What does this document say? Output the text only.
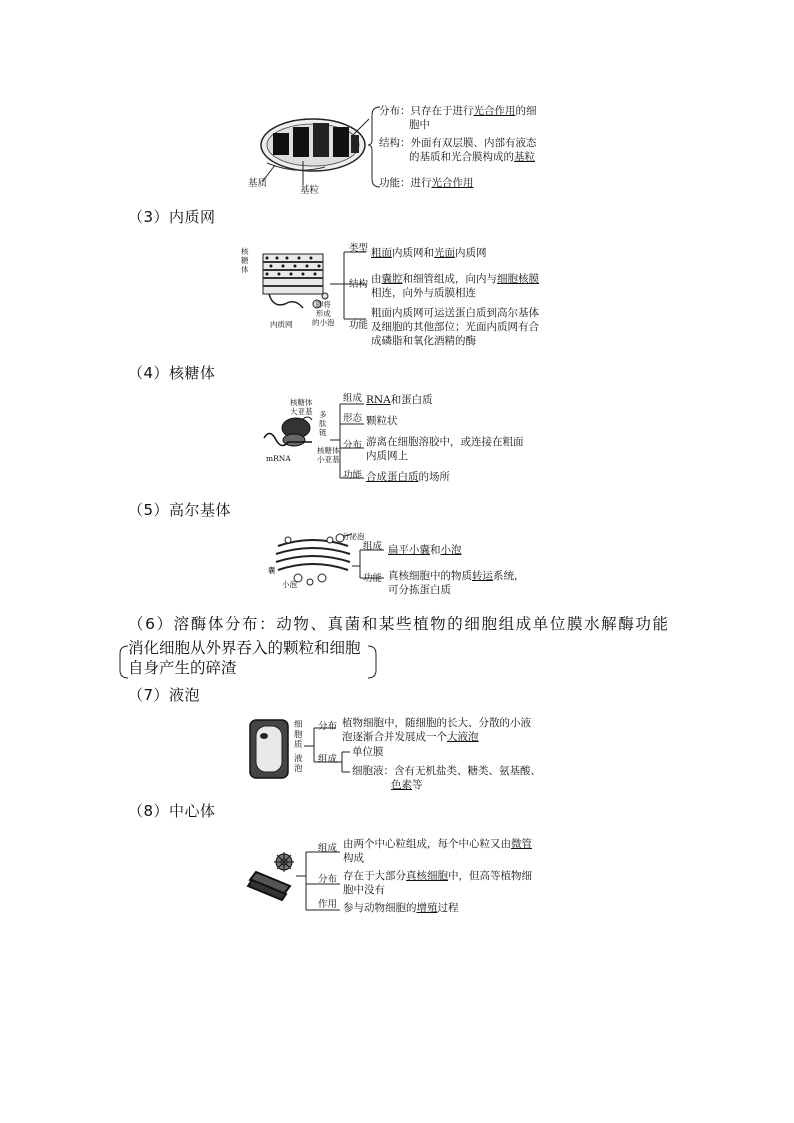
基质
基粒
分布：只存在于进行光合作用的细
胞中
结构：外面有双层膜、内部有液态
的基质和光合膜构成的基粒
功能：进行光合作用
（3）内质网
核
糖
体
内质网
即将
形成
的小泡
类型 粗面内质网和光面内质网
结构 由囊腔和细管组成，向内与细胞核膜
相连，向外与质膜相连
功能
粗面内质网可运送蛋白质到高尔基体
及细胞的其他部位；光面内质网有合
成磷脂和氧化酒精的酶
（4）核糖体
核糖体
大亚基 多
肽
链
mRNA
核糖体
小亚基
组成 RNA和蛋白质
形态 颗粒状
分布 游离在细胞溶胶中，或连接在粗面
内质网上
功能 合成蛋白质的场所
（5）高尔基体
分泌泡
囊
小泡
组成 扁平小囊和小泡
功能 真核细胞中的物质转运系统，
可分拣蛋白质
（6）溶酶体分布：动物、真菌和某些植物的细胞组成单位膜水解酶功能
消化细胞从外界吞入的颗粒和细胞
自身产生的碎渣
（7）液泡
细
胞
质
液
泡
分布 植物细胞中，随细胞的长大、分散的小液
泡逐渐合并发展成一个大液泡
组成
单位膜
细胞液：含有无机盐类、糖类、氨基酸、
色素等
（8）中心体
组成 由两个中心粒组成，每个中心粒又由微管
构成
分布 存在于大部分真核细胞中，但高等植物细
胞中没有
作用 参与动物细胞的增殖过程
